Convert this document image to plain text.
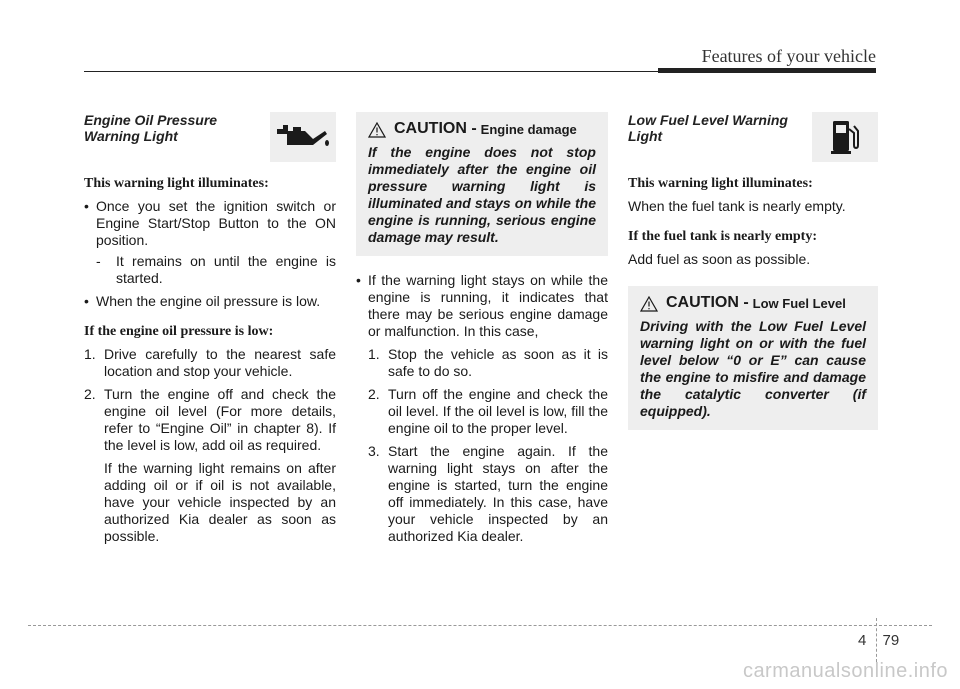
Features of your vehicle
Engine Oil Pressure Warning Light
This warning light illuminates:
• Once you set the ignition switch or Engine Start/Stop Button to the ON position.
- It remains on until the engine is started.
• When the engine oil pressure is low.
If the engine oil pressure is low:
1. Drive carefully to the nearest safe location and stop your vehicle.
2. Turn the engine off and check the engine oil level (For more details, refer to “Engine Oil” in chapter 8). If the level is low, add oil as required.
If the warning light remains on after adding oil or if oil is not available, have your vehicle inspected by an authorized Kia dealer as soon as possible.
CAUTION - Engine damage
If the engine does not stop immediately after the engine oil pressure warning light is illuminated and stays on while the engine is running, serious engine damage may result.
• If the warning light stays on while the engine is running, it indicates that there may be serious engine damage or malfunction. In this case,
1. Stop the vehicle as soon as it is safe to do so.
2. Turn off the engine and check the oil level. If the oil level is low, fill the engine oil to the proper level.
3. Start the engine again. If the warning light stays on after the engine is started, turn the engine off immediately. In this case, have your vehicle inspected by an authorized Kia dealer.
Low Fuel Level Warning Light
This warning light illuminates:

When the fuel tank is nearly empty.

If the fuel tank is nearly empty:

Add fuel as soon as possible.

CAUTION - Low Fuel Level
Driving with the Low Fuel Level warning light on or with the fuel level below “0 or E” can cause the engine to misfire and damage the catalytic converter (if equipped).
4 79
carmanualsonline.info
